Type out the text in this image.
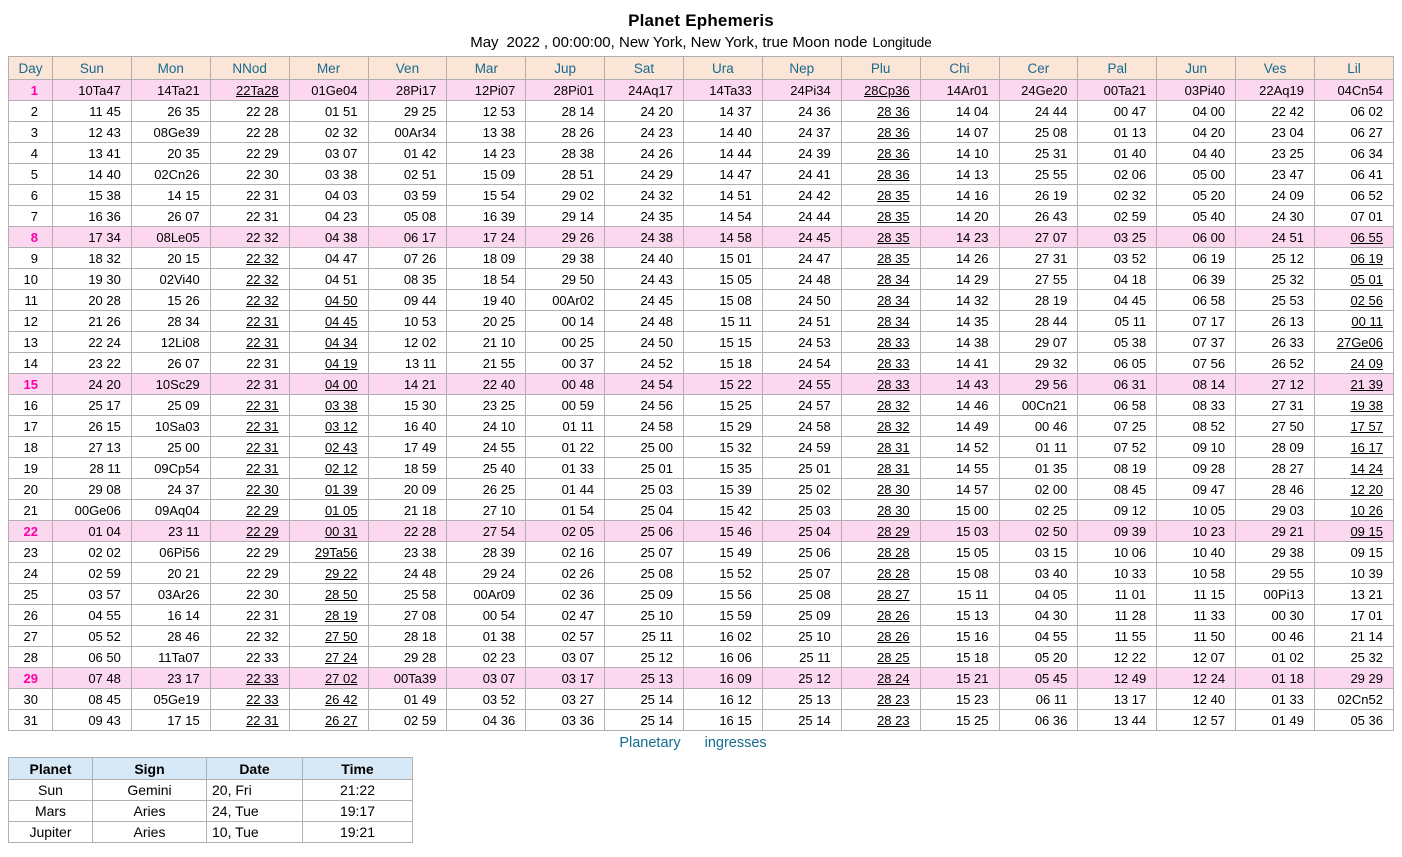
Planet Ephemeris
May 2022 , 00:00:00, New York, New York, true Moon node Longitude
Day	Sun	Mon	NNod	Mer	Ven	Mar	Jup	Sat	Ura	Nep	Plu	Chi	Cer	Pal	Jun	Ves	Lil
1	10Ta47	14Ta21	22Ta28	01Ge04	28Pi17	12Pi07	28Pi01	24Aq17	14Ta33	24Pi34	28Cp36	14Ar01	24Ge20	00Ta21	03Pi40	22Aq19	04Cn54
2	11 45	26 35	22 28	01 51	29 25	12 53	28 14	24 20	14 37	24 36	28 36	14 04	24 44	00 47	04 00	22 42	06 02
3	12 43	08Ge39	22 28	02 32	00Ar34	13 38	28 26	24 23	14 40	24 37	28 36	14 07	25 08	01 13	04 20	23 04	06 27
4	13 41	20 35	22 29	03 07	01 42	14 23	28 38	24 26	14 44	24 39	28 36	14 10	25 31	01 40	04 40	23 25	06 34
5	14 40	02Cn26	22 30	03 38	02 51	15 09	28 51	24 29	14 47	24 41	28 36	14 13	25 55	02 06	05 00	23 47	06 41
6	15 38	14 15	22 31	04 03	03 59	15 54	29 02	24 32	14 51	24 42	28 35	14 16	26 19	02 32	05 20	24 09	06 52
7	16 36	26 07	22 31	04 23	05 08	16 39	29 14	24 35	14 54	24 44	28 35	14 20	26 43	02 59	05 40	24 30	07 01
8	17 34	08Le05	22 32	04 38	06 17	17 24	29 26	24 38	14 58	24 45	28 35	14 23	27 07	03 25	06 00	24 51	06 55
9	18 32	20 15	22 32	04 47	07 26	18 09	29 38	24 40	15 01	24 47	28 35	14 26	27 31	03 52	06 19	25 12	06 19
10	19 30	02Vi40	22 32	04 51	08 35	18 54	29 50	24 43	15 05	24 48	28 34	14 29	27 55	04 18	06 39	25 32	05 01
11	20 28	15 26	22 32	04 50	09 44	19 40	00Ar02	24 45	15 08	24 50	28 34	14 32	28 19	04 45	06 58	25 53	02 56
12	21 26	28 34	22 31	04 45	10 53	20 25	00 14	24 48	15 11	24 51	28 34	14 35	28 44	05 11	07 17	26 13	00 11
13	22 24	12Li08	22 31	04 34	12 02	21 10	00 25	24 50	15 15	24 53	28 33	14 38	29 07	05 38	07 37	26 33	27Ge06
14	23 22	26 07	22 31	04 19	13 11	21 55	00 37	24 52	15 18	24 54	28 33	14 41	29 32	06 05	07 56	26 52	24 09
15	24 20	10Sc29	22 31	04 00	14 21	22 40	00 48	24 54	15 22	24 55	28 33	14 43	29 56	06 31	08 14	27 12	21 39
16	25 17	25 09	22 31	03 38	15 30	23 25	00 59	24 56	15 25	24 57	28 32	14 46	00Cn21	06 58	08 33	27 31	19 38
17	26 15	10Sa03	22 31	03 12	16 40	24 10	01 11	24 58	15 29	24 58	28 32	14 49	00 46	07 25	08 52	27 50	17 57
18	27 13	25 00	22 31	02 43	17 49	24 55	01 22	25 00	15 32	24 59	28 31	14 52	01 11	07 52	09 10	28 09	16 17
19	28 11	09Cp54	22 31	02 12	18 59	25 40	01 33	25 01	15 35	25 01	28 31	14 55	01 35	08 19	09 28	28 27	14 24
20	29 08	24 37	22 30	01 39	20 09	26 25	01 44	25 03	15 39	25 02	28 30	14 57	02 00	08 45	09 47	28 46	12 20
21	00Ge06	09Aq04	22 29	01 05	21 18	27 10	01 54	25 04	15 42	25 03	28 30	15 00	02 25	09 12	10 05	29 03	10 26
22	01 04	23 11	22 29	00 31	22 28	27 54	02 05	25 06	15 46	25 04	28 29	15 03	02 50	09 39	10 23	29 21	09 15
23	02 02	06Pi56	22 29	29Ta56	23 38	28 39	02 16	25 07	15 49	25 06	28 28	15 05	03 15	10 06	10 40	29 38	09 15
24	02 59	20 21	22 29	29 22	24 48	29 24	02 26	25 08	15 52	25 07	28 28	15 08	03 40	10 33	10 58	29 55	10 39
25	03 57	03Ar26	22 30	28 50	25 58	00Ar09	02 36	25 09	15 56	25 08	28 27	15 11	04 05	11 01	11 15	00Pi13	13 21
26	04 55	16 14	22 31	28 19	27 08	00 54	02 47	25 10	15 59	25 09	28 26	15 13	04 30	11 28	11 33	00 30	17 01
27	05 52	28 46	22 32	27 50	28 18	01 38	02 57	25 11	16 02	25 10	28 26	15 16	04 55	11 55	11 50	00 46	21 14
28	06 50	11Ta07	22 33	27 24	29 28	02 23	03 07	25 12	16 06	25 11	28 25	15 18	05 20	12 22	12 07	01 02	25 32
29	07 48	23 17	22 33	27 02	00Ta39	03 07	03 17	25 13	16 09	25 12	28 24	15 21	05 45	12 49	12 24	01 18	29 29
30	08 45	05Ge19	22 33	26 42	01 49	03 52	03 27	25 14	16 12	25 13	28 23	15 23	06 11	13 17	12 40	01 33	02Cn52
31	09 43	17 15	22 31	26 27	02 59	04 36	03 36	25 14	16 15	25 14	28 23	15 25	06 36	13 44	12 57	01 49	05 36
Planetary ingresses
Planet	Sign	Date	Time
Sun	Gemini	20, Fri	21:22
Mars	Aries	24, Tue	19:17
Jupiter	Aries	10, Tue	19:21
